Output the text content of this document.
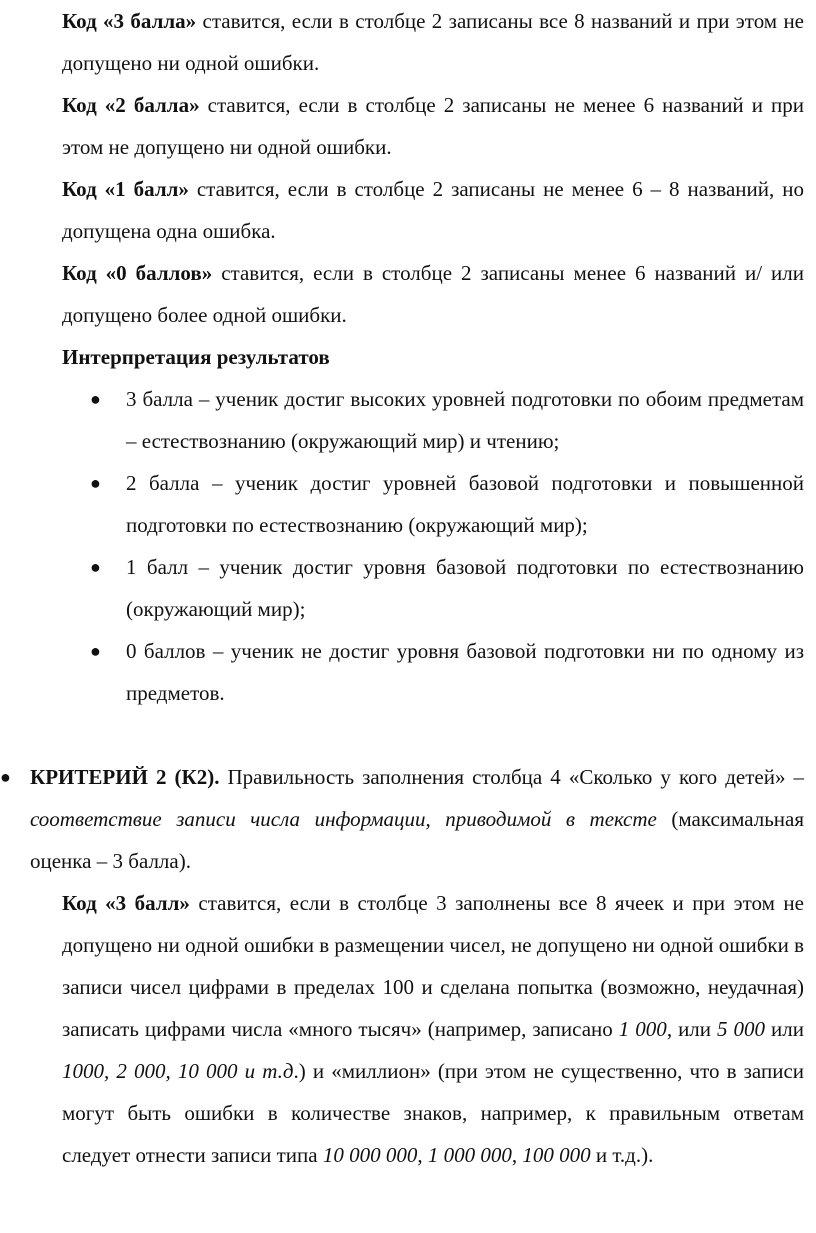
Код «3 балла» ставится, если в столбце 2 записаны все 8 названий и при этом не допущено ни одной ошибки.

Код «2 балла» ставится, если в столбце 2 записаны не менее 6 названий и при этом не допущено ни одной ошибки.

Код «1 балл» ставится, если в столбце 2 записаны не менее 6 – 8 названий, но допущена одна ошибка.

Код «0 баллов» ставится, если в столбце 2 записаны менее 6 названий и/ или допущено более одной ошибки.

Интерпретация результатов

● 3 балла – ученик достиг высоких уровней подготовки по обоим предметам – естествознанию (окружающий мир) и чтению;
● 2 балла – ученик достиг уровней базовой подготовки и повышенной подготовки по естествознанию (окружающий мир);
● 1 балл – ученик достиг уровня базовой подготовки по естествознанию (окружающий мир);
● 0 баллов – ученик не достиг уровня базовой подготовки ни по одному из предметов.

● КРИТЕРИЙ 2 (К2). Правильность заполнения столбца 4 «Сколько у кого детей» – соответствие записи числа информации, приводимой в тексте (максимальная оценка – 3 балла).

Код «3 балл» ставится, если в столбце 3 заполнены все 8 ячеек и при этом не допущено ни одной ошибки в размещении чисел, не допущено ни одной ошибки в записи чисел цифрами в пределах 100 и сделана попытка (возможно, неудачная) записать цифрами числа «много тысяч» (например, записано 1 000, или 5 000 или 1000, 2 000, 10 000 и т.д.) и «миллион» (при этом не существенно, что в записи могут быть ошибки в количестве знаков, например, к правильным ответам следует отнести записи типа 10 000 000, 1 000 000, 100 000 и т.д.).
